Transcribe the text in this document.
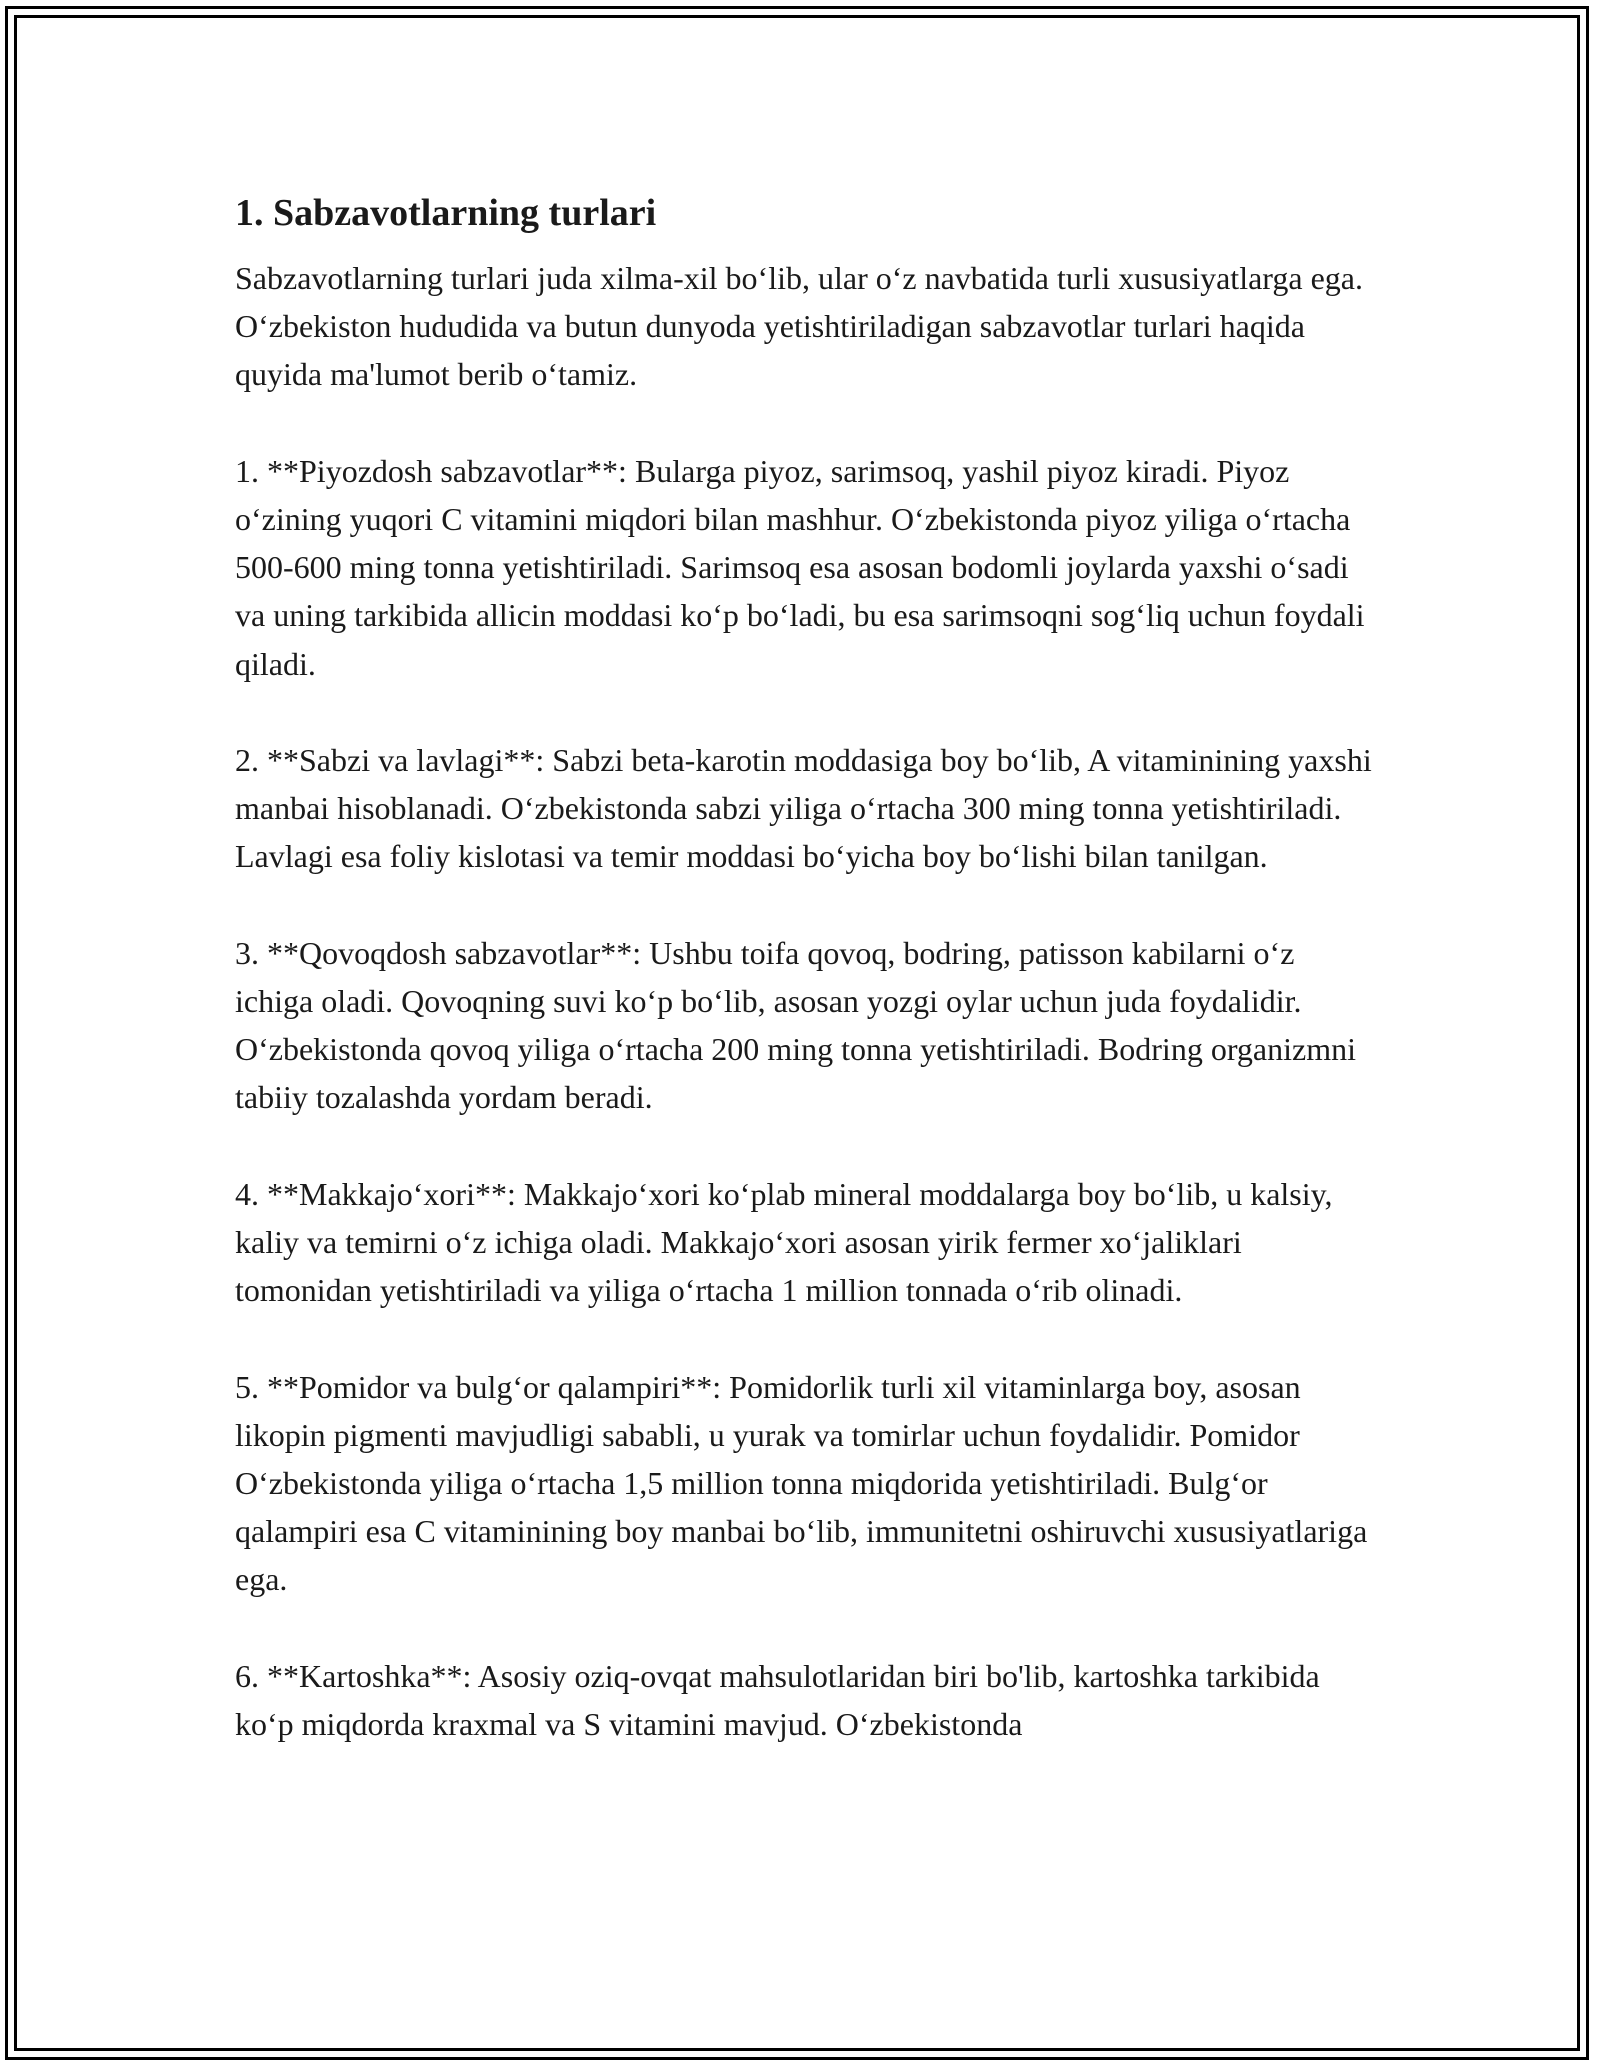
1. Sabzavotlarning turlari

Sabzavotlarning turlari juda xilma-xil boʻlib, ular oʻz navbatida turli xususiyatlarga ega. Oʻzbekiston hududida va butun dunyoda yetishtiriladigan sabzavotlar turlari haqida quyida ma'lumot berib oʻtamiz.

1. **Piyozdosh sabzavotlar**: Bularga piyoz, sarimsoq, yashil piyoz kiradi. Piyoz oʻzining yuqori C vitamini miqdori bilan mashhur. Oʻzbekistonda piyoz yiliga oʻrtacha 500-600 ming tonna yetishtiriladi. Sarimsoq esa asosan bodomli joylarda yaxshi oʻsadi va uning tarkibida allicin moddasi koʻp boʻladi, bu esa sarimsoqni sogʻliq uchun foydali qiladi.

2. **Sabzi va lavlagi**: Sabzi beta-karotin moddasiga boy boʻlib, A vitaminining yaxshi manbai hisoblanadi. Oʻzbekistonda sabzi yiliga oʻrtacha 300 ming tonna yetishtiriladi. Lavlagi esa foliy kislotasi va temir moddasi boʻyicha boy boʻlishi bilan tanilgan.

3. **Qovoqdosh sabzavotlar**: Ushbu toifa qovoq, bodring, patisson kabilarni oʻz ichiga oladi. Qovoqning suvi koʻp boʻlib, asosan yozgi oylar uchun juda foydalidir. Oʻzbekistonda qovoq yiliga oʻrtacha 200 ming tonna yetishtiriladi. Bodring organizmni tabiiy tozalashda yordam beradi.

4. **Makkajoʻxori**: Makkajoʻxori koʻplab mineral moddalarga boy boʻlib, u kalsiy, kaliy va temirni oʻz ichiga oladi. Makkajoʻxori asosan yirik fermer xoʻjaliklari tomonidan yetishtiriladi va yiliga oʻrtacha 1 million tonnada oʻrib olinadi.

5. **Pomidor va bulgʻor qalampiri**: Pomidorlik turli xil vitaminlarga boy, asosan likopin pigmenti mavjudligi sababli, u yurak va tomirlar uchun foydalidir. Pomidor Oʻzbekistonda yiliga oʻrtacha 1,5 million tonna miqdorida yetishtiriladi. Bulgʻor qalampiri esa C vitaminining boy manbai boʻlib, immunitetni oshiruvchi xususiyatlariga ega.

6. **Kartoshka**: Asosiy oziq-ovqat mahsulotlaridan biri bo'lib, kartoshka tarkibida koʻp miqdorda kraxmal va S vitamini mavjud. Oʻzbekistonda
